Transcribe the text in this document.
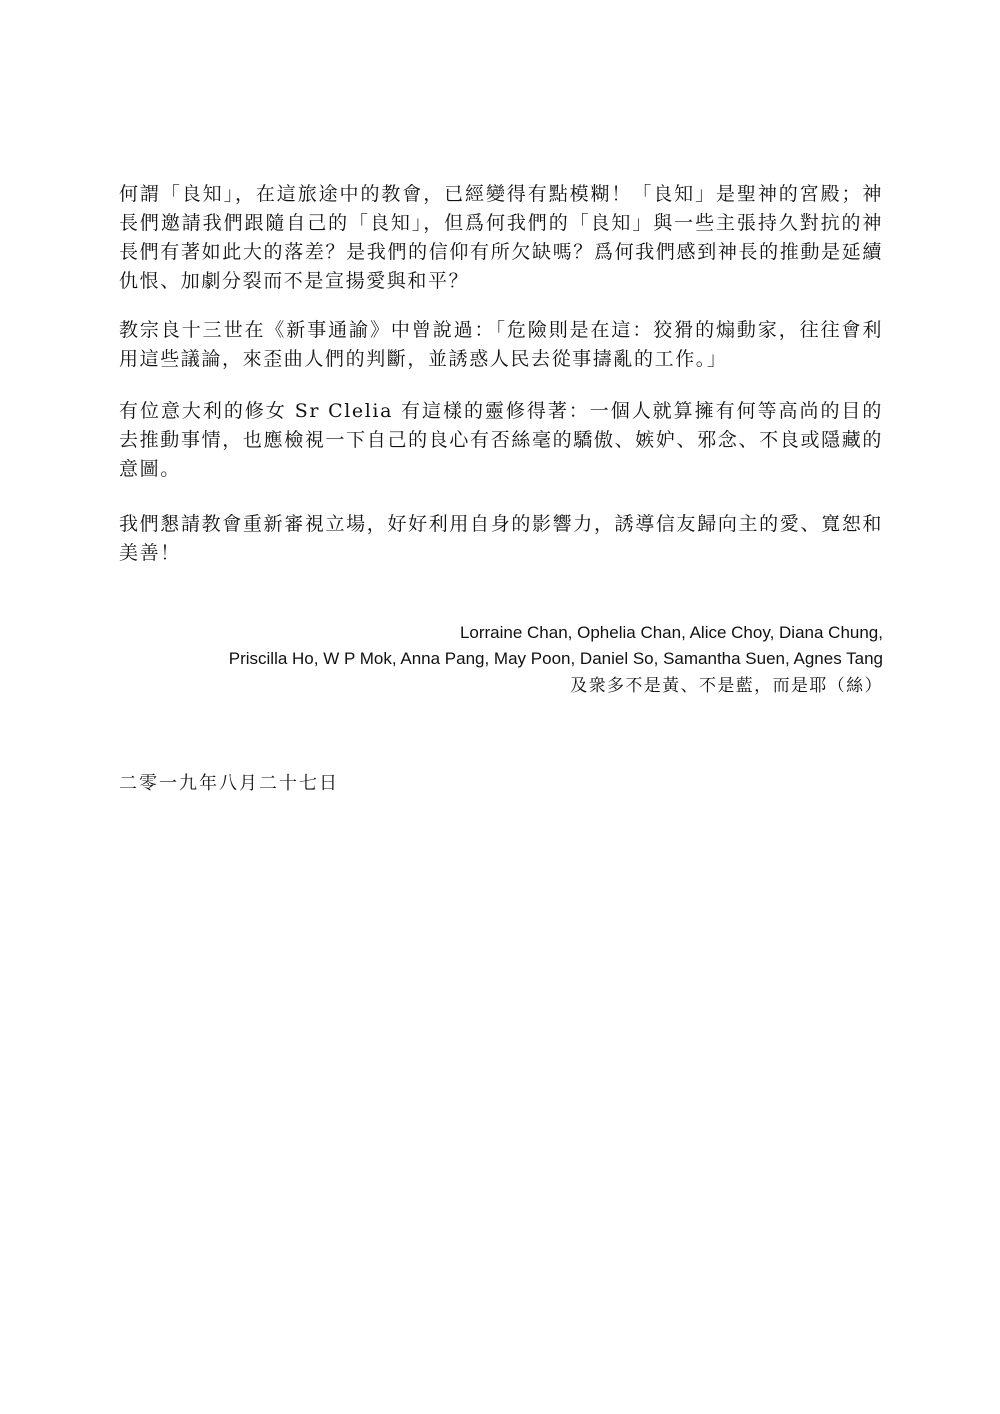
何謂「良知」，在這旅途中的教會，已經變得有點模糊！「良知」是聖神的宮殿；神長們邀請我們跟隨自己的「良知」，但爲何我們的「良知」與一些主張持久對抗的神長們有著如此大的落差？是我們的信仰有所欠缺嗎？爲何我們感到神長的推動是延續仇恨、加劇分裂而不是宣揚愛與和平？

教宗良十三世在《新事通諭》中曾說過：「危險則是在這：狡猾的煽動家，往往會利用這些議論，來歪曲人們的判斷，並誘惑人民去從事擣亂的工作。」

有位意大利的修女 Sr Clelia 有這樣的靈修得著：一個人就算擁有何等高尚的目的去推動事情，也應檢視一下自己的良心有否絲毫的驕傲、嫉妒、邪念、不良或隱藏的意圖。

我們懇請教會重新審視立場，好好利用自身的影響力，誘導信友歸向主的愛、寬恕和美善！

Lorraine Chan, Ophelia Chan, Alice Choy, Diana Chung,

Priscilla Ho, W P Mok, Anna Pang, May Poon, Daniel So, Samantha Suen, Agnes Tang

及衆多不是黃、不是藍，而是耶（絲）

二零一九年八月二十七日
